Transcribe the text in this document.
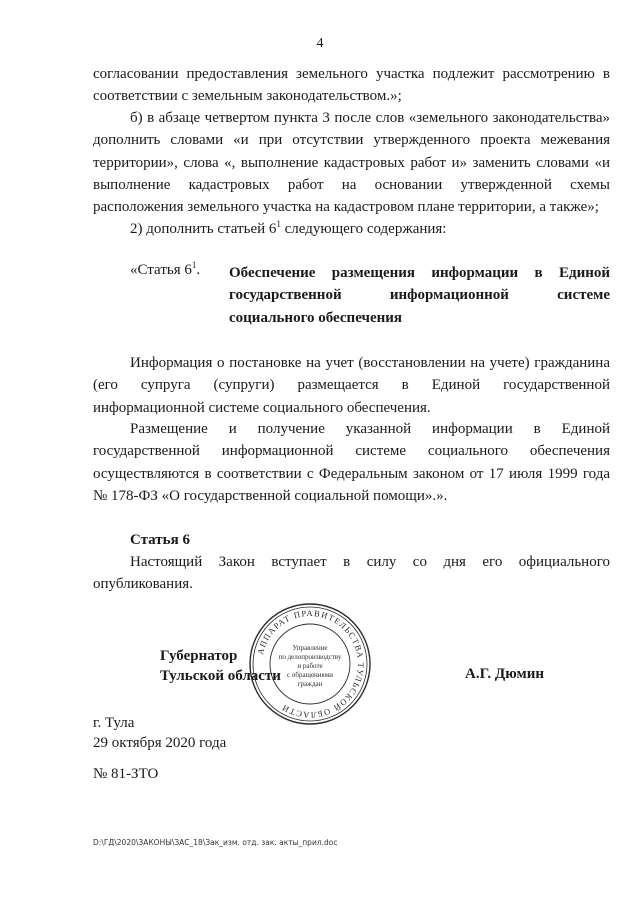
4
согласовании предоставления земельного участка подлежит рассмотрению в
соответствии с земельным законодательством.»;
б) в абзаце четвертом пункта 3 после слов «земельного законодательства» дополнить словами «и при отсутствии утвержденного проекта межевания территории», слова «, выполнение кадастровых работ и» заменить словами «и выполнение кадастровых работ на основании утвержденной схемы расположения земельного участка на кадастровом плане территории, а также»;
2) дополнить статьей $6^1$ следующего содержания:
«Статья $6^1$. Обеспечение размещения информации в Единой государственной информационной системе
социального обеспечения
Информация о постановке на учет (восстановлении на учете) гражданина (его супруга (супруги) размещается в Единой государственной информационной системе социального обеспечения.
Размещение и получение указанной информации в Единой государственной информационной системе социального обеспечения осуществляются в соответствии с Федеральным законом от 17 июля 1999 года № 178-ФЗ «О государственной социальной помощи».».
Статья 6
Настоящий Закон вступает в силу со дня его официального опубликования.
АППАРАТ ПРАВИТЕЛЬСТВА ТУЛЬСКОЙ ОБЛАСТИ
Управление
по делопроизводству
и работе
с обращениями
граждан
Губернатор
Тульской области	А.Г. Дюмин
г. Тула
29 октября 2020 года
№ 81-ЗТО
D:\ГД\2020\ЗАКОНЫ\ЗАС_18\Зак_изм. отд. зак. акты_прил.doc
